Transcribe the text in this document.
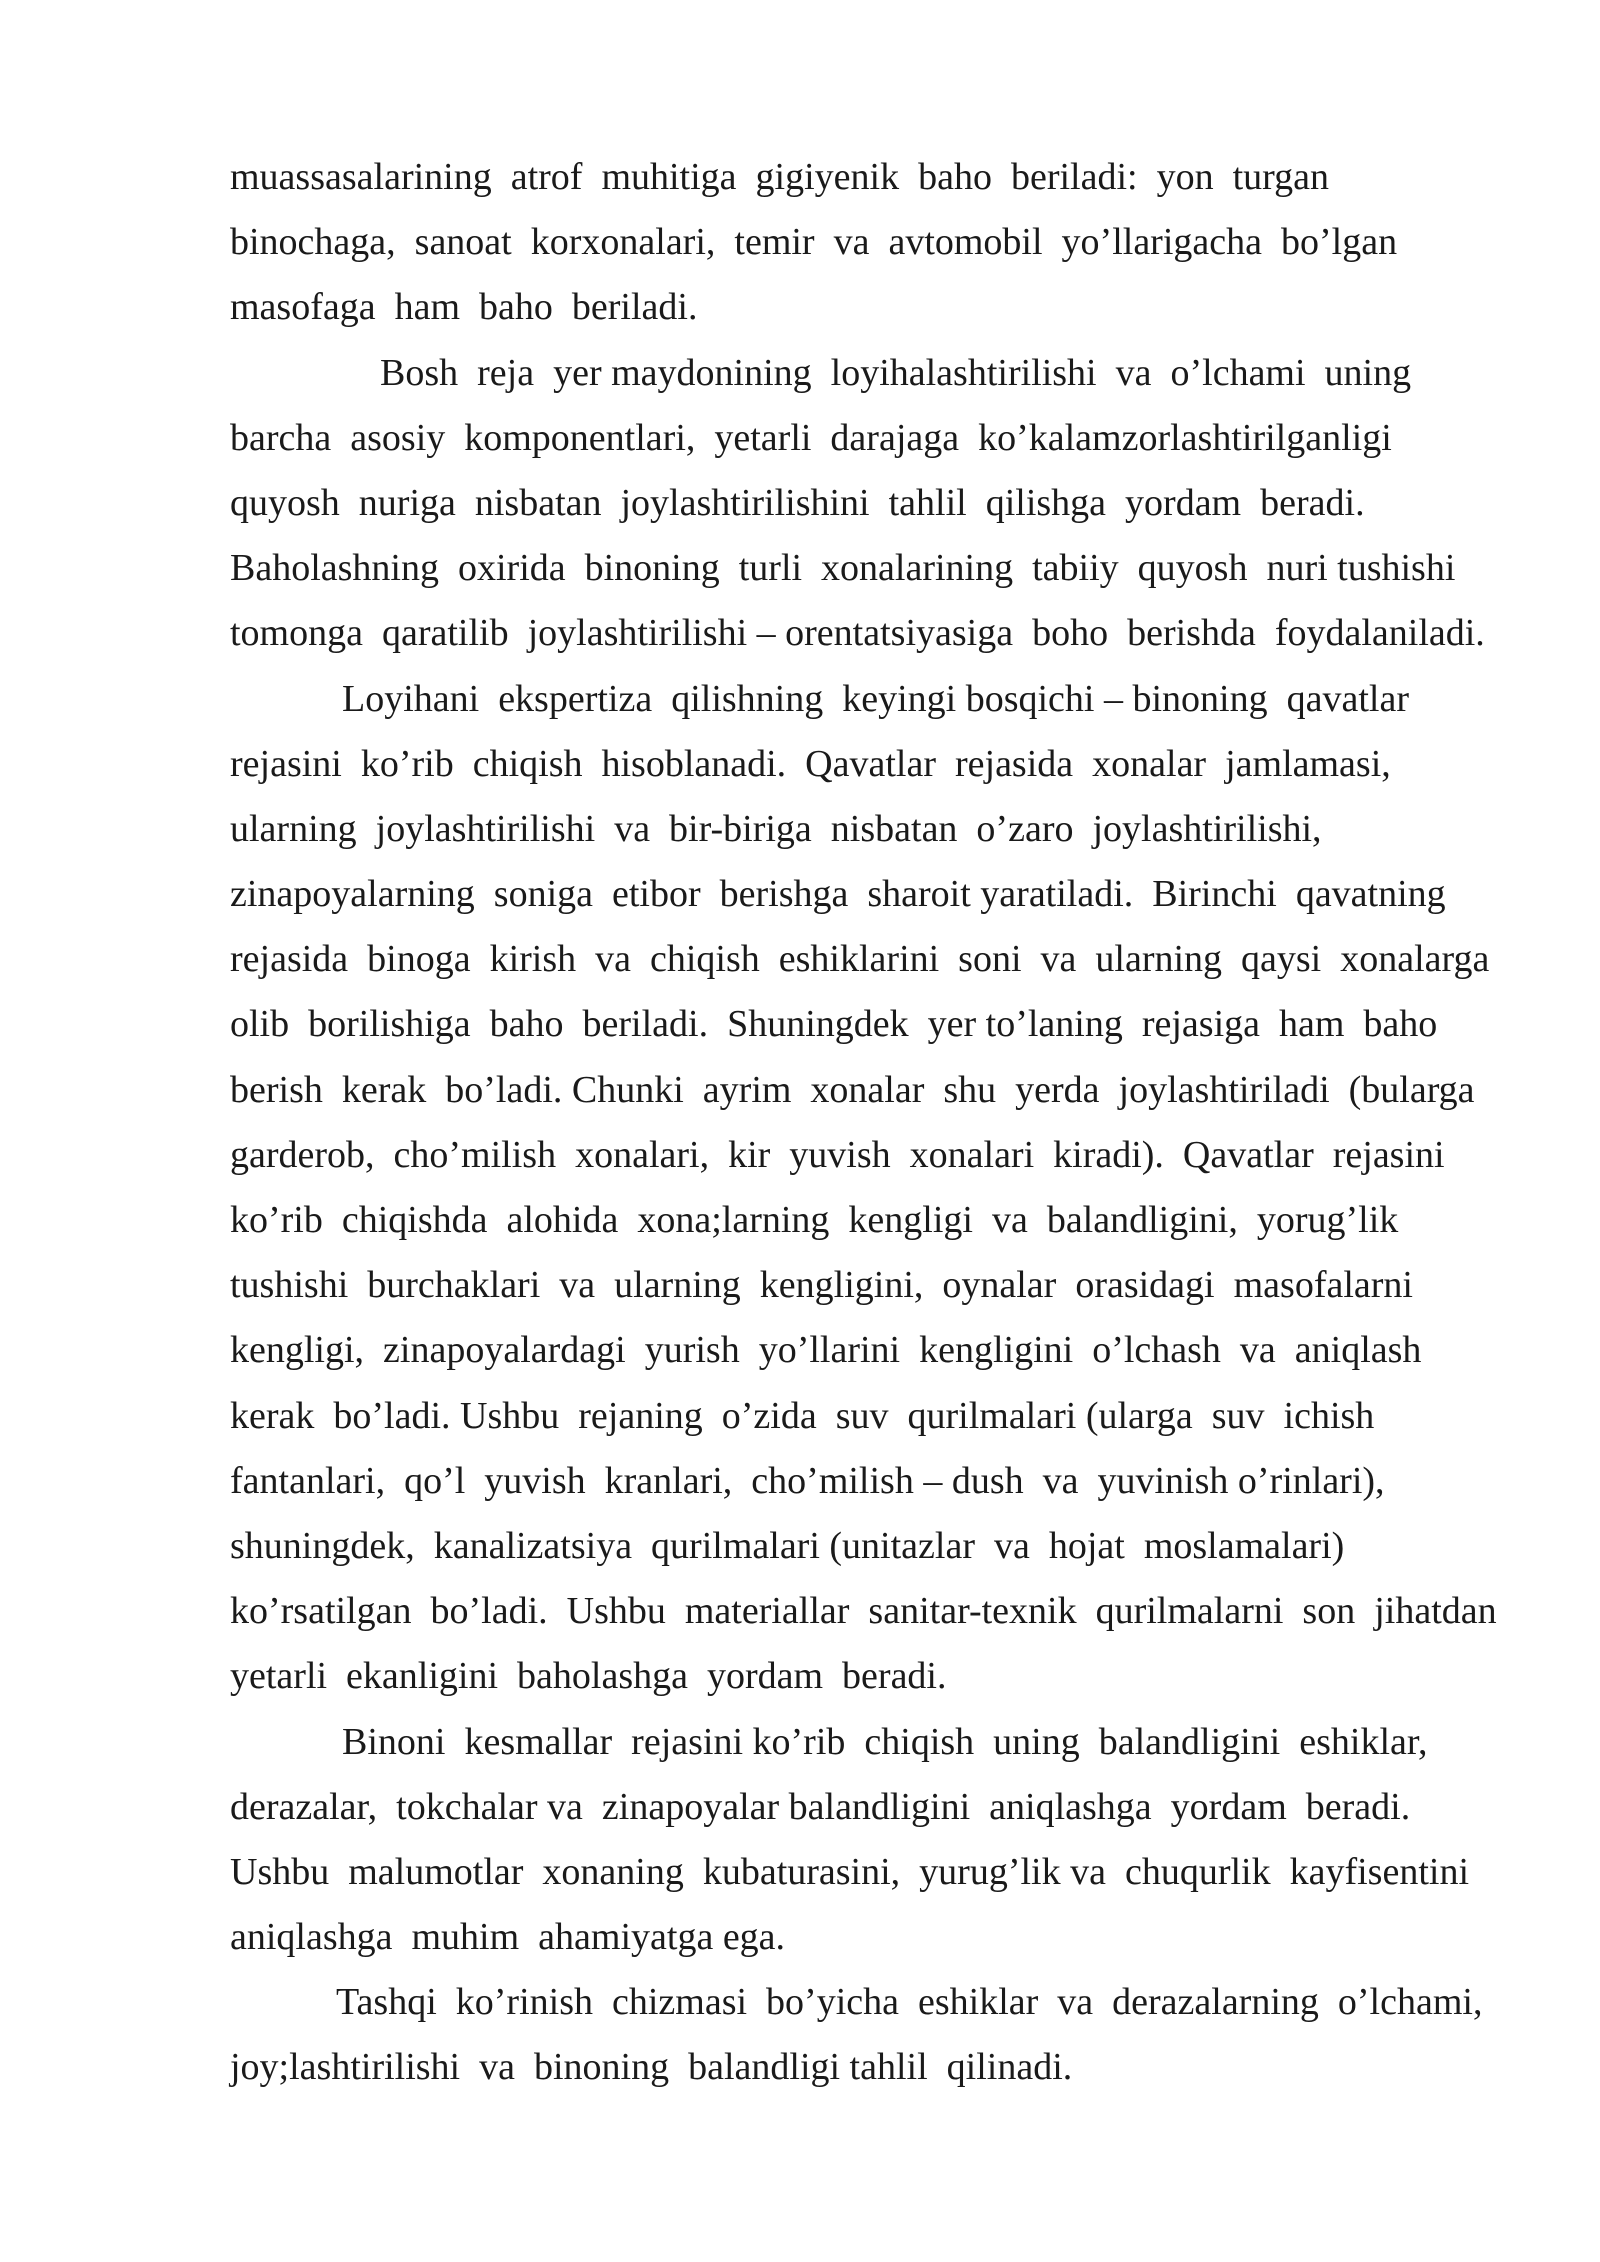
muassasalarining  atrof  muhitiga  gigiyenik  baho  beriladi:  yon  turgan
binochaga,  sanoat  korxonalari,  temir  va  avtomobil  yo’llarigacha  bo’lgan
masofaga  ham  baho  beriladi.
Bosh  reja  yer maydonining  loyihalashtirilishi  va  o’lchami  uning
barcha  asosiy  komponentlari,  yetarli  darajaga  ko’kalamzorlashtirilganligi
quyosh  nuriga  nisbatan  joylashtirilishini  tahlil  qilishga  yordam  beradi.
Baholashning  oxirida  binoning  turli  xonalarining  tabiiy  quyosh  nuri tushishi
tomonga  qaratilib  joylashtirilishi – orentatsiyasiga  boho  berishda  foydalaniladi.
Loyihani  ekspertiza  qilishning  keyingi bosqichi – binoning  qavatlar
rejasini  ko’rib  chiqish  hisoblanadi.  Qavatlar  rejasida  xonalar  jamlamasi,
ularning  joylashtirilishi  va  bir-biriga  nisbatan  o’zaro  joylashtirilishi,
zinapoyalarning  soniga  etibor  berishga  sharoit yaratiladi.  Birinchi  qavatning
rejasida  binoga  kirish  va  chiqish  eshiklarini  soni  va  ularning  qaysi  xonalarga
olib  borilishiga  baho  beriladi.  Shuningdek  yer to’laning  rejasiga  ham  baho
berish  kerak  bo’ladi. Chunki  ayrim  xonalar  shu  yerda  joylashtiriladi  (bularga
garderob,  cho’milish  xonalari,  kir  yuvish  xonalari  kiradi).  Qavatlar  rejasini
ko’rib  chiqishda  alohida  xona;larning  kengligi  va  balandligini,  yorug’lik
tushishi  burchaklari  va  ularning  kengligini,  oynalar  orasidagi  masofalarni
kengligi,  zinapoyalardagi  yurish  yo’llarini  kengligini  o’lchash  va  aniqlash
kerak  bo’ladi. Ushbu  rejaning  o’zida  suv  qurilmalari (ularga  suv  ichish
fantanlari,  qo’l  yuvish  kranlari,  cho’milish – dush  va  yuvinish o’rinlari),
shuningdek,  kanalizatsiya  qurilmalari (unitazlar  va  hojat  moslamalari)
ko’rsatilgan  bo’ladi.  Ushbu  materiallar  sanitar-texnik  qurilmalarni  son  jihatdan
yetarli  ekanligini  baholashga  yordam  beradi.
Binoni  kesmallar  rejasini ko’rib  chiqish  uning  balandligini  eshiklar,
derazalar,  tokchalar va  zinapoyalar balandligini  aniqlashga  yordam  beradi.
Ushbu  malumotlar  xonaning  kubaturasini,  yurug’lik va  chuqurlik  kayfisentini
aniqlashga  muhim  ahamiyatga ega.
Tashqi  ko’rinish  chizmasi  bo’yicha  eshiklar  va  derazalarning  o’lchami,
joy;lashtirilishi  va  binoning  balandligi tahlil  qilinadi.
